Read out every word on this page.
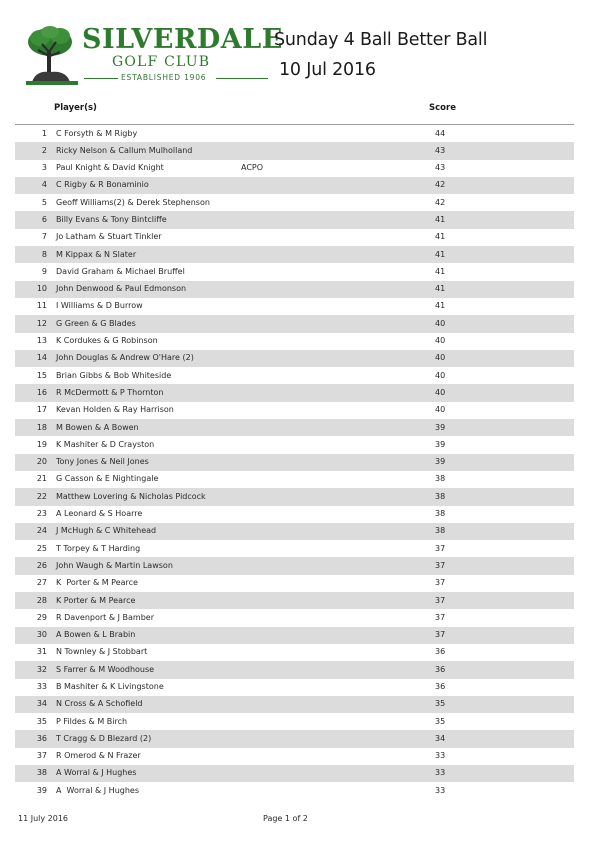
SILVERDALE
GOLF CLUB
ESTABLISHED 1906
Sunday 4 Ball Better Ball
10 Jul 2016
Player(s)	Score
1 C Forsyth & M Rigby	44
2 Ricky Nelson & Callum Mulholland	43
3 Paul Knight & David Knight	ACPO	43
4 C Rigby & R Bonaminio	42
5 Geoff Williams(2) & Derek Stephenson	42
6 Billy Evans & Tony Bintcliffe	41
7 Jo Latham & Stuart Tinkler	41
8 M Kippax & N Slater	41
9 David Graham & Michael Bruffel	41
10 John Denwood & Paul Edmonson	41
11 I Williams & D Burrow	41
12 G Green & G Blades	40
13 K Cordukes & G Robinson	40
14 John Douglas & Andrew O'Hare (2)	40
15 Brian Gibbs & Bob Whiteside	40
16 R McDermott & P Thornton	40
17 Kevan Holden & Ray Harrison	40
18 M Bowen & A Bowen	39
19 K Mashiter & D Crayston	39
20 Tony Jones & Neil Jones	39
21 G Casson & E Nightingale	38
22 Matthew Lovering & Nicholas Pidcock	38
23 A Leonard & S Hoarre	38
24 J McHugh & C Whitehead	38
25 T Torpey & T Harding	37
26 John Waugh & Martin Lawson	37
27 K  Porter & M Pearce	37
28 K Porter & M Pearce	37
29 R Davenport & J Bamber	37
30 A Bowen & L Brabin	37
31 N Townley & J Stobbart	36
32 S Farrer & M Woodhouse	36
33 B Mashiter & K Livingstone	36
34 N Cross & A Schofield	35
35 P Fildes & M Birch	35
36 T Cragg & D Blezard (2)	34
37 R Omerod & N Frazer	33
38 A Worral & J Hughes	33
39 A  Worral & J Hughes	33
11 July 2016	Page 1 of 2
